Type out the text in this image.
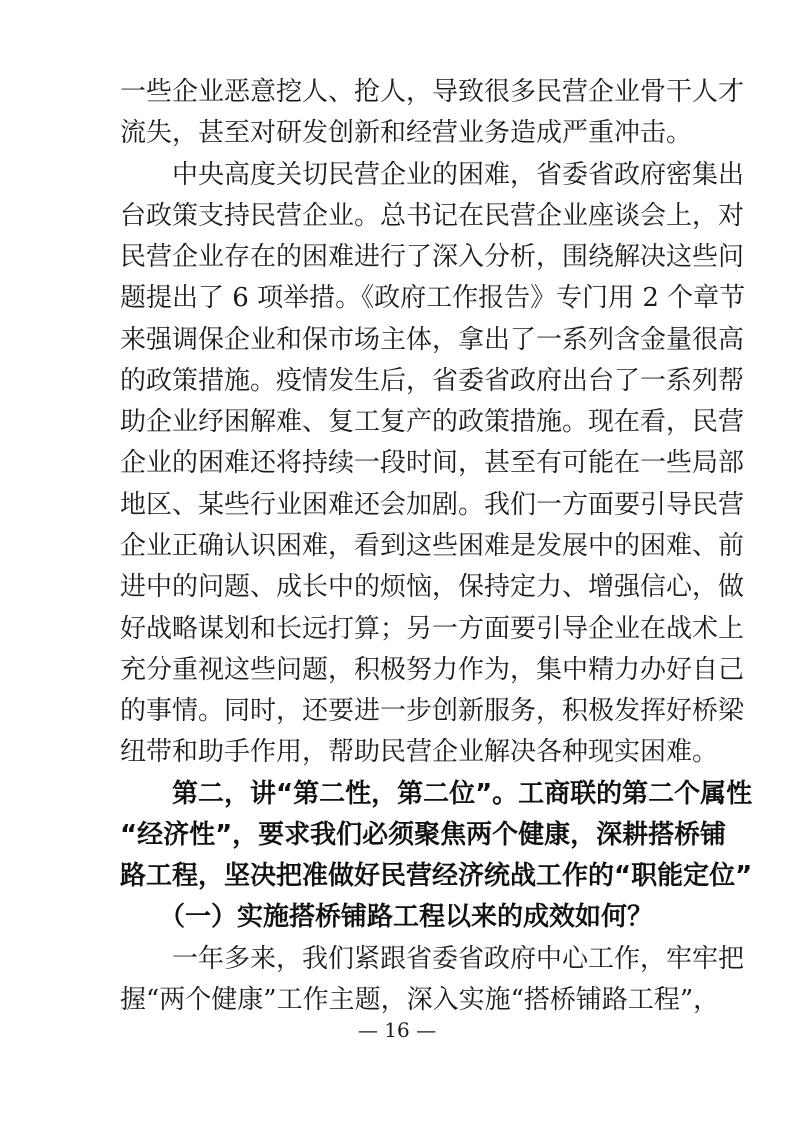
一些企业恶意挖人、抢人，导致很多民营企业骨干人才
流失，甚至对研发创新和经营业务造成严重冲击。
　　中央高度关切民营企业的困难，省委省政府密集出
台政策支持民营企业。总书记在民营企业座谈会上，对
民营企业存在的困难进行了深入分析，围绕解决这些问
题提出了 6 项举措。《政府工作报告》专门用 2 个章节
来强调保企业和保市场主体，拿出了一系列含金量很高
的政策措施。疫情发生后，省委省政府出台了一系列帮
助企业纾困解难、复工复产的政策措施。现在看，民营
企业的困难还将持续一段时间，甚至有可能在一些局部
地区、某些行业困难还会加剧。我们一方面要引导民营
企业正确认识困难，看到这些困难是发展中的困难、前
进中的问题、成长中的烦恼，保持定力、增强信心，做
好战略谋划和长远打算；另一方面要引导企业在战术上
充分重视这些问题，积极努力作为，集中精力办好自己
的事情。同时，还要进一步创新服务，积极发挥好桥梁
纽带和助手作用，帮助民营企业解决各种现实困难。
　　第二，讲“第二性，第二位”。工商联的第二个属性
“经济性”，要求我们必须聚焦两个健康，深耕搭桥铺
路工程，坚决把准做好民营经济统战工作的“职能定位”
　　（一）实施搭桥铺路工程以来的成效如何？
　　一年多来，我们紧跟省委省政府中心工作，牢牢把
握“两个健康”工作主题，深入实施“搭桥铺路工程”，
— 16 —
